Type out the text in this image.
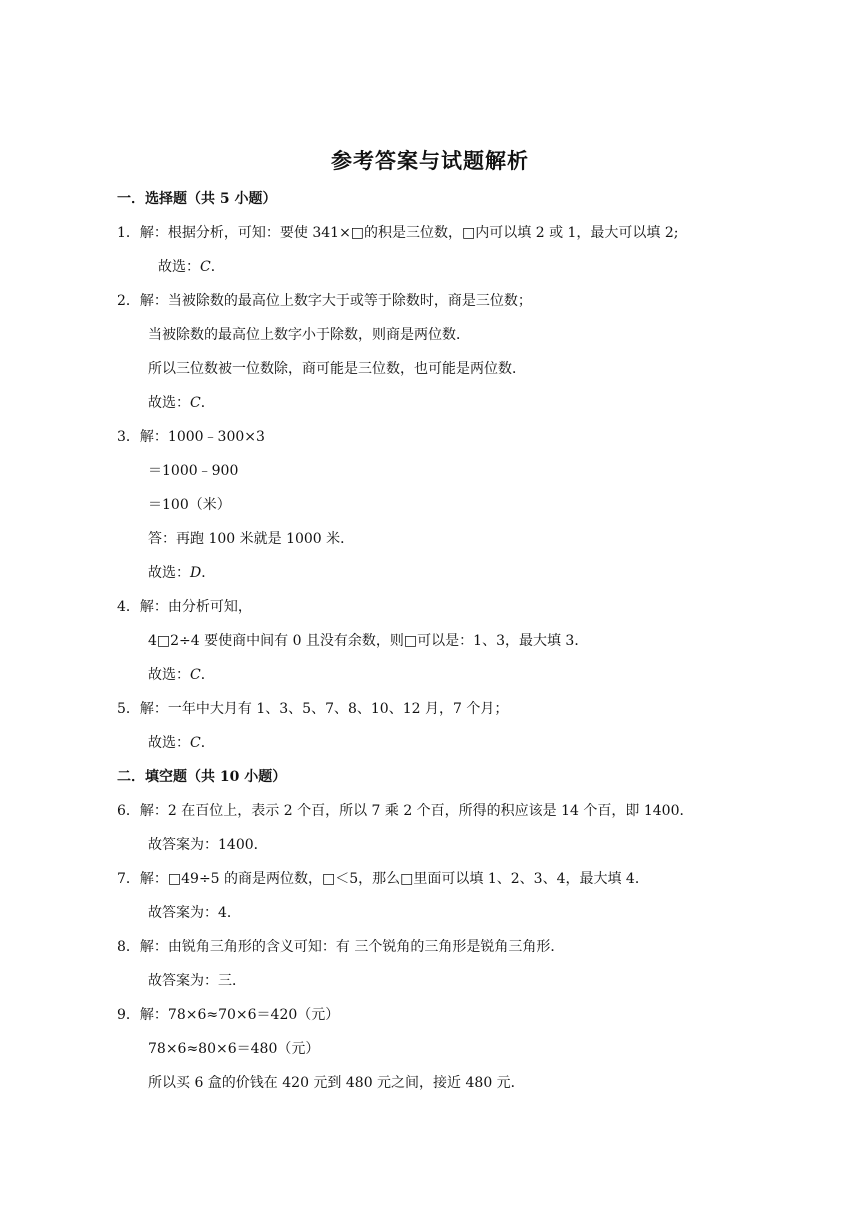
参考答案与试题解析
一．选择题（共 5 小题）
1．解：根据分析，可知：要使 341×□的积是三位数，□内可以填 2 或 1，最大可以填 2;
故选：C．
2．解：当被除数的最高位上数字大于或等于除数时，商是三位数；
当被除数的最高位上数字小于除数，则商是两位数．
所以三位数被一位数除，商可能是三位数，也可能是两位数．
故选：C．
3．解：1000﹣300×3
＝1000﹣900
＝100（米）
答：再跑 100 米就是 1000 米．
故选：D．
4．解：由分析可知，
4□2÷4 要使商中间有 0 且没有余数，则□可以是：1、3，最大填 3．
故选：C．
5．解：一年中大月有 1、3、5、7、8、10、12 月，7 个月；
故选：C．
二．填空题（共 10 小题）
6．解：2 在百位上，表示 2 个百，所以 7 乘 2 个百，所得的积应该是 14 个百，即 1400．
故答案为：1400．
7．解：□49÷5 的商是两位数，□＜5，那么□里面可以填 1、2、3、4，最大填 4．
故答案为：4．
8．解：由锐角三角形的含义可知：有 三个锐角的三角形是锐角三角形．
故答案为：三．
9．解：78×6≈70×6＝420（元）
78×6≈80×6＝480（元）
所以买 6 盒的价钱在 420 元到 480 元之间，接近 480 元．
